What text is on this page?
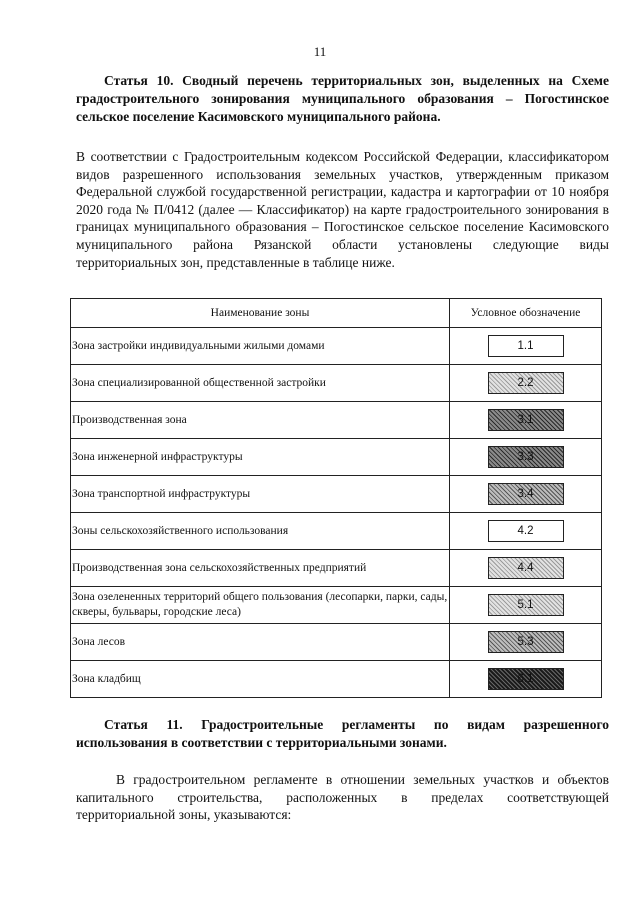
11
Статья 10. Сводный перечень территориальных зон, выделенных на Схеме градостроительного зонирования муниципального образования – Погостинское сельское поселение Касимовского муниципального района.
В соответствии с Градостроительным кодексом Российской Федерации, классификатором видов разрешенного использования земельных участков, утвержденным приказом Федеральной службой государственной регистрации, кадастра и картографии от 10 ноября 2020 года № П/0412 (далее — Классификатор) на карте градостроительного зонирования в границах муниципального образования – Погостинское сельское поселение Касимовского муниципального района Рязанской области установлены следующие виды территориальных зон, представленные в таблице ниже.
Наименование зоны	Условное обозначение
Зона застройки индивидуальными жилыми домами	1.1
Зона специализированной общественной застройки	2.2
Производственная зона	3.1
Зона инженерной инфраструктуры	3.3
Зона транспортной инфраструктуры	3.4
Зоны сельскохозяйственного использования	4.2
Производственная зона сельскохозяйственных предприятий	4.4
Зона озелененных территорий общего пользования (лесопарки, парки, сады, скверы, бульвары, городские леса)	5.1
Зона лесов	5.3
Зона кладбищ	6.1
Статья 11. Градостроительные регламенты по видам разрешенного использования в соответствии с территориальными зонами.
В градостроительном регламенте в отношении земельных участков и объектов капитального строительства, расположенных в пределах соответствующей территориальной зоны, указываются:
